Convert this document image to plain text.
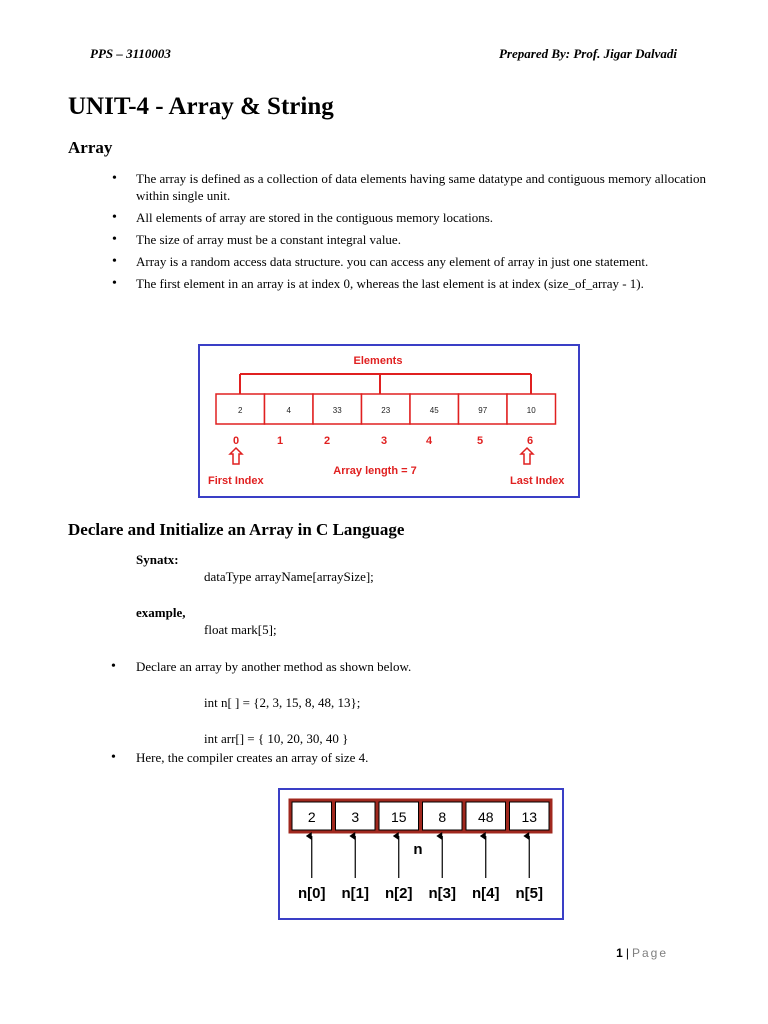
PPS – 3110003	Prepared By: Prof. Jigar Dalvadi
UNIT-4 - Array & String
Array
• The array is defined as a collection of data elements having same datatype and contiguous memory allocation within single unit.
• All elements of array are stored in the contiguous memory locations.
• The size of array must be a constant integral value.
• Array is a random access data structure. you can access any element of array in just one statement.
• The first element in an array is at index 0, whereas the last element is at index (size_of_array - 1).
Elements
2	4	33	23	45	97	10
0	1	2	3	4	5	6
First Index	Last Index
Array length = 7
Declare and Initialize an Array in C Language
Synatx:
dataType arrayName[arraySize];
example,
float mark[5];
• Declare an array by another method as shown below.
int n[ ] = {2, 3, 15, 8, 48, 13};
int arr[] = { 10, 20, 30, 40 }
• Here, the compiler creates an array of size 4.
2	3 15 8 48 13
n
n[0] n[1] n[2] n[3] n[4] n[5]
1 | Page
